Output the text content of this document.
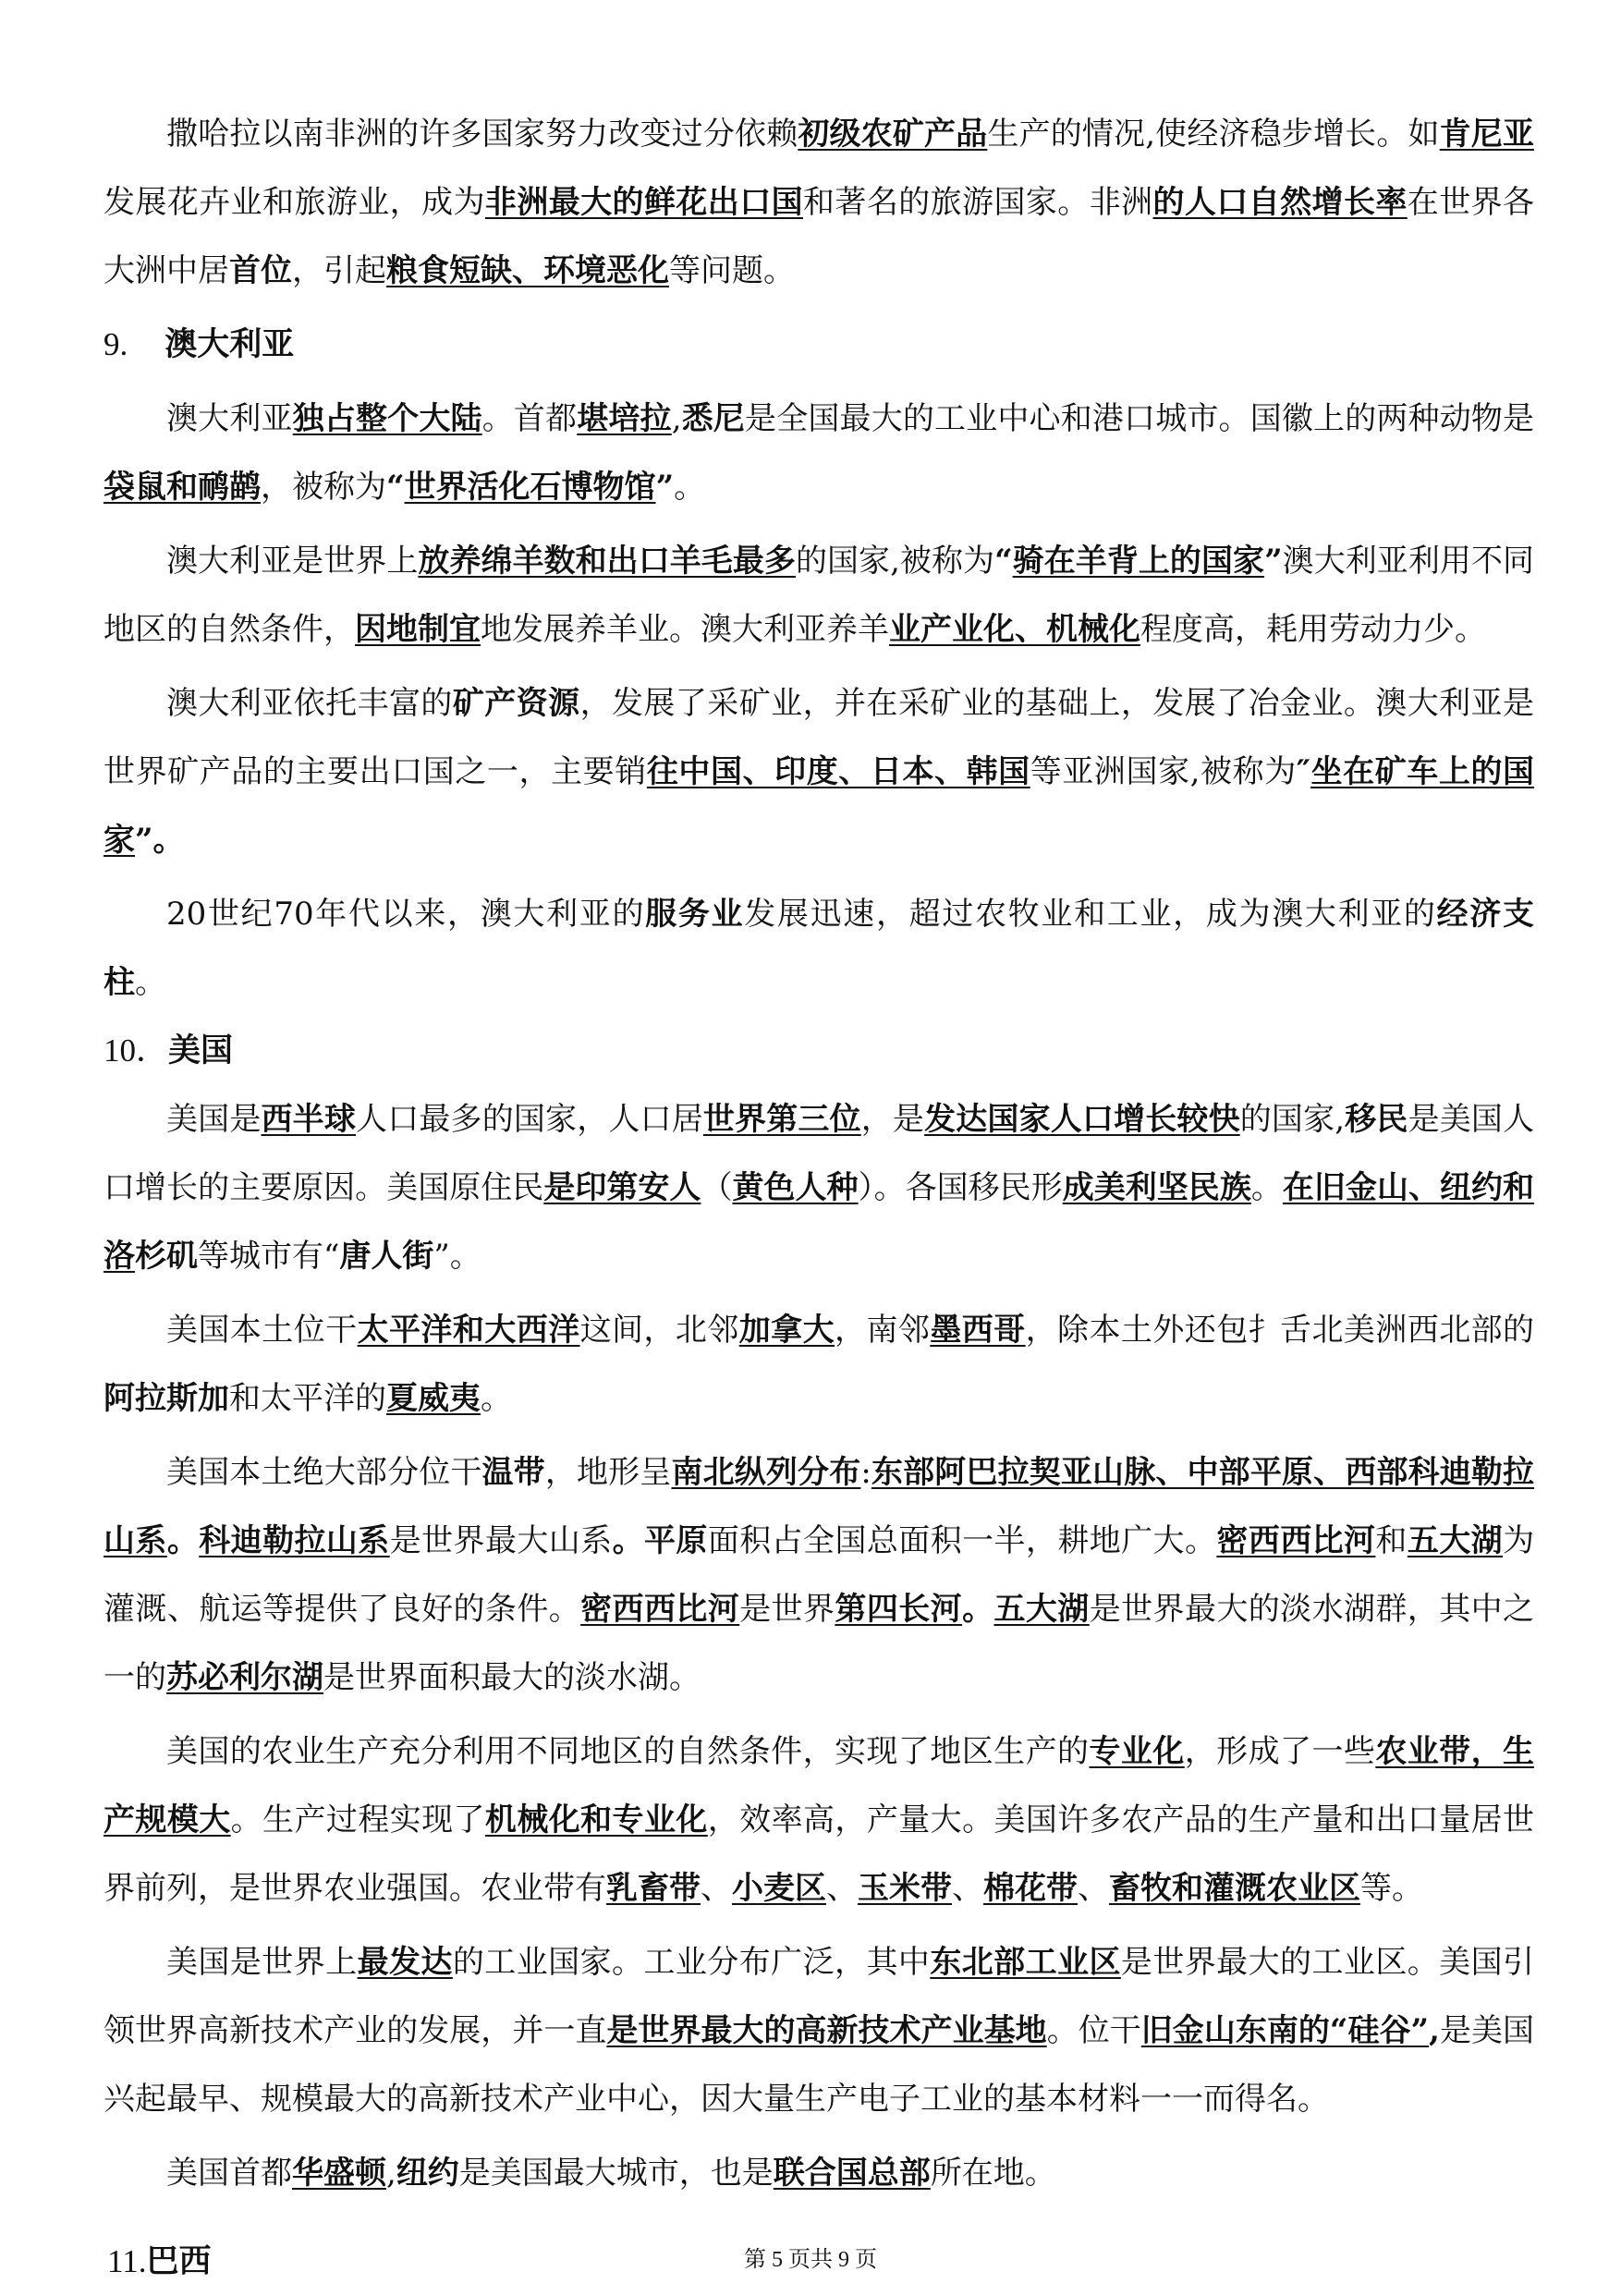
撒哈拉以南非洲的许多国家努力改变过分依赖初级农矿产品生产的情况,使经济稳步增长。如肯尼亚发展花卉业和旅游业，成为非洲最大的鲜花出口国和著名的旅游国家。非洲的人口自然增长率在世界各大洲中居首位，引起粮食短缺、环境恶化等问题。

9. 澳大利亚

澳大利亚独占整个大陆。首都堪培拉,悉尼是全国最大的工业中心和港口城市。国徽上的两种动物是袋鼠和鸸鹋，被称为“世界活化石博物馆”。

澳大利亚是世界上放养绵羊数和出口羊毛最多的国家,被称为“骑在羊背上的国家”澳大利亚利用不同地区的自然条件，因地制宜地发展养羊业。澳大利亚养羊业产业化、机械化程度高，耗用劳动力少。

澳大利亚依托丰富的矿产资源，发展了采矿业，并在采矿业的基础上，发展了冶金业。澳大利亚是世界矿产品的主要出口国之一，主要销往中国、印度、日本、韩国等亚洲国家,被称为″坐在矿车上的国家”。

20世纪70年代以来，澳大利亚的服务业发展迅速，超过农牧业和工业，成为澳大利亚的经济支柱。

10．美国

美国是西半球人口最多的国家，人口居世界第三位，是发达国家人口增长较快的国家,移民是美国人口增长的主要原因。美国原住民是印第安人（黄色人种）。各国移民形成美利坚民族。在旧金山、纽约和洛杉矶等城市有“唐人街”。

美国本土位干太平洋和大西洋这间，北邻加拿大，南邻墨西哥，除本土外还包扌舌北美洲西北部的阿拉斯加和太平洋的夏威夷。

美国本土绝大部分位干温带，地形呈南北纵列分布:东部阿巴拉契亚山脉、中部平原、西部科迪勒拉山系。科迪勒拉山系是世界最大山系。平原面积占全国总面积一半，耕地广大。密西西比河和五大湖为灌溉、航运等提供了良好的条件。密西西比河是世界第四长河。五大湖是世界最大的淡水湖群，其中之一的苏必利尔湖是世界面积最大的淡水湖。

美国的农业生产充分利用不同地区的自然条件，实现了地区生产的专业化，形成了一些农业带，生产规模大。生产过程实现了机械化和专业化，效率高，产量大。美国许多农产品的生产量和出口量居世界前列，是世界农业强国。农业带有乳畜带、小麦区、玉米带、棉花带、畜牧和灌溉农业区等。

美国是世界上最发达的工业国家。工业分布广泛，其中东北部工业区是世界最大的工业区。美国引领世界高新技术产业的发展，并一直是世界最大的高新技术产业基地。位干旧金山东南的“硅谷”,是美国兴起最早、规模最大的高新技术产业中心，因大量生产电子工业的基本材料一一而得名。

美国首都华盛顿,纽约是美国最大城市，也是联合国总部所在地。

11.巴西	第 5 页共 9 页
